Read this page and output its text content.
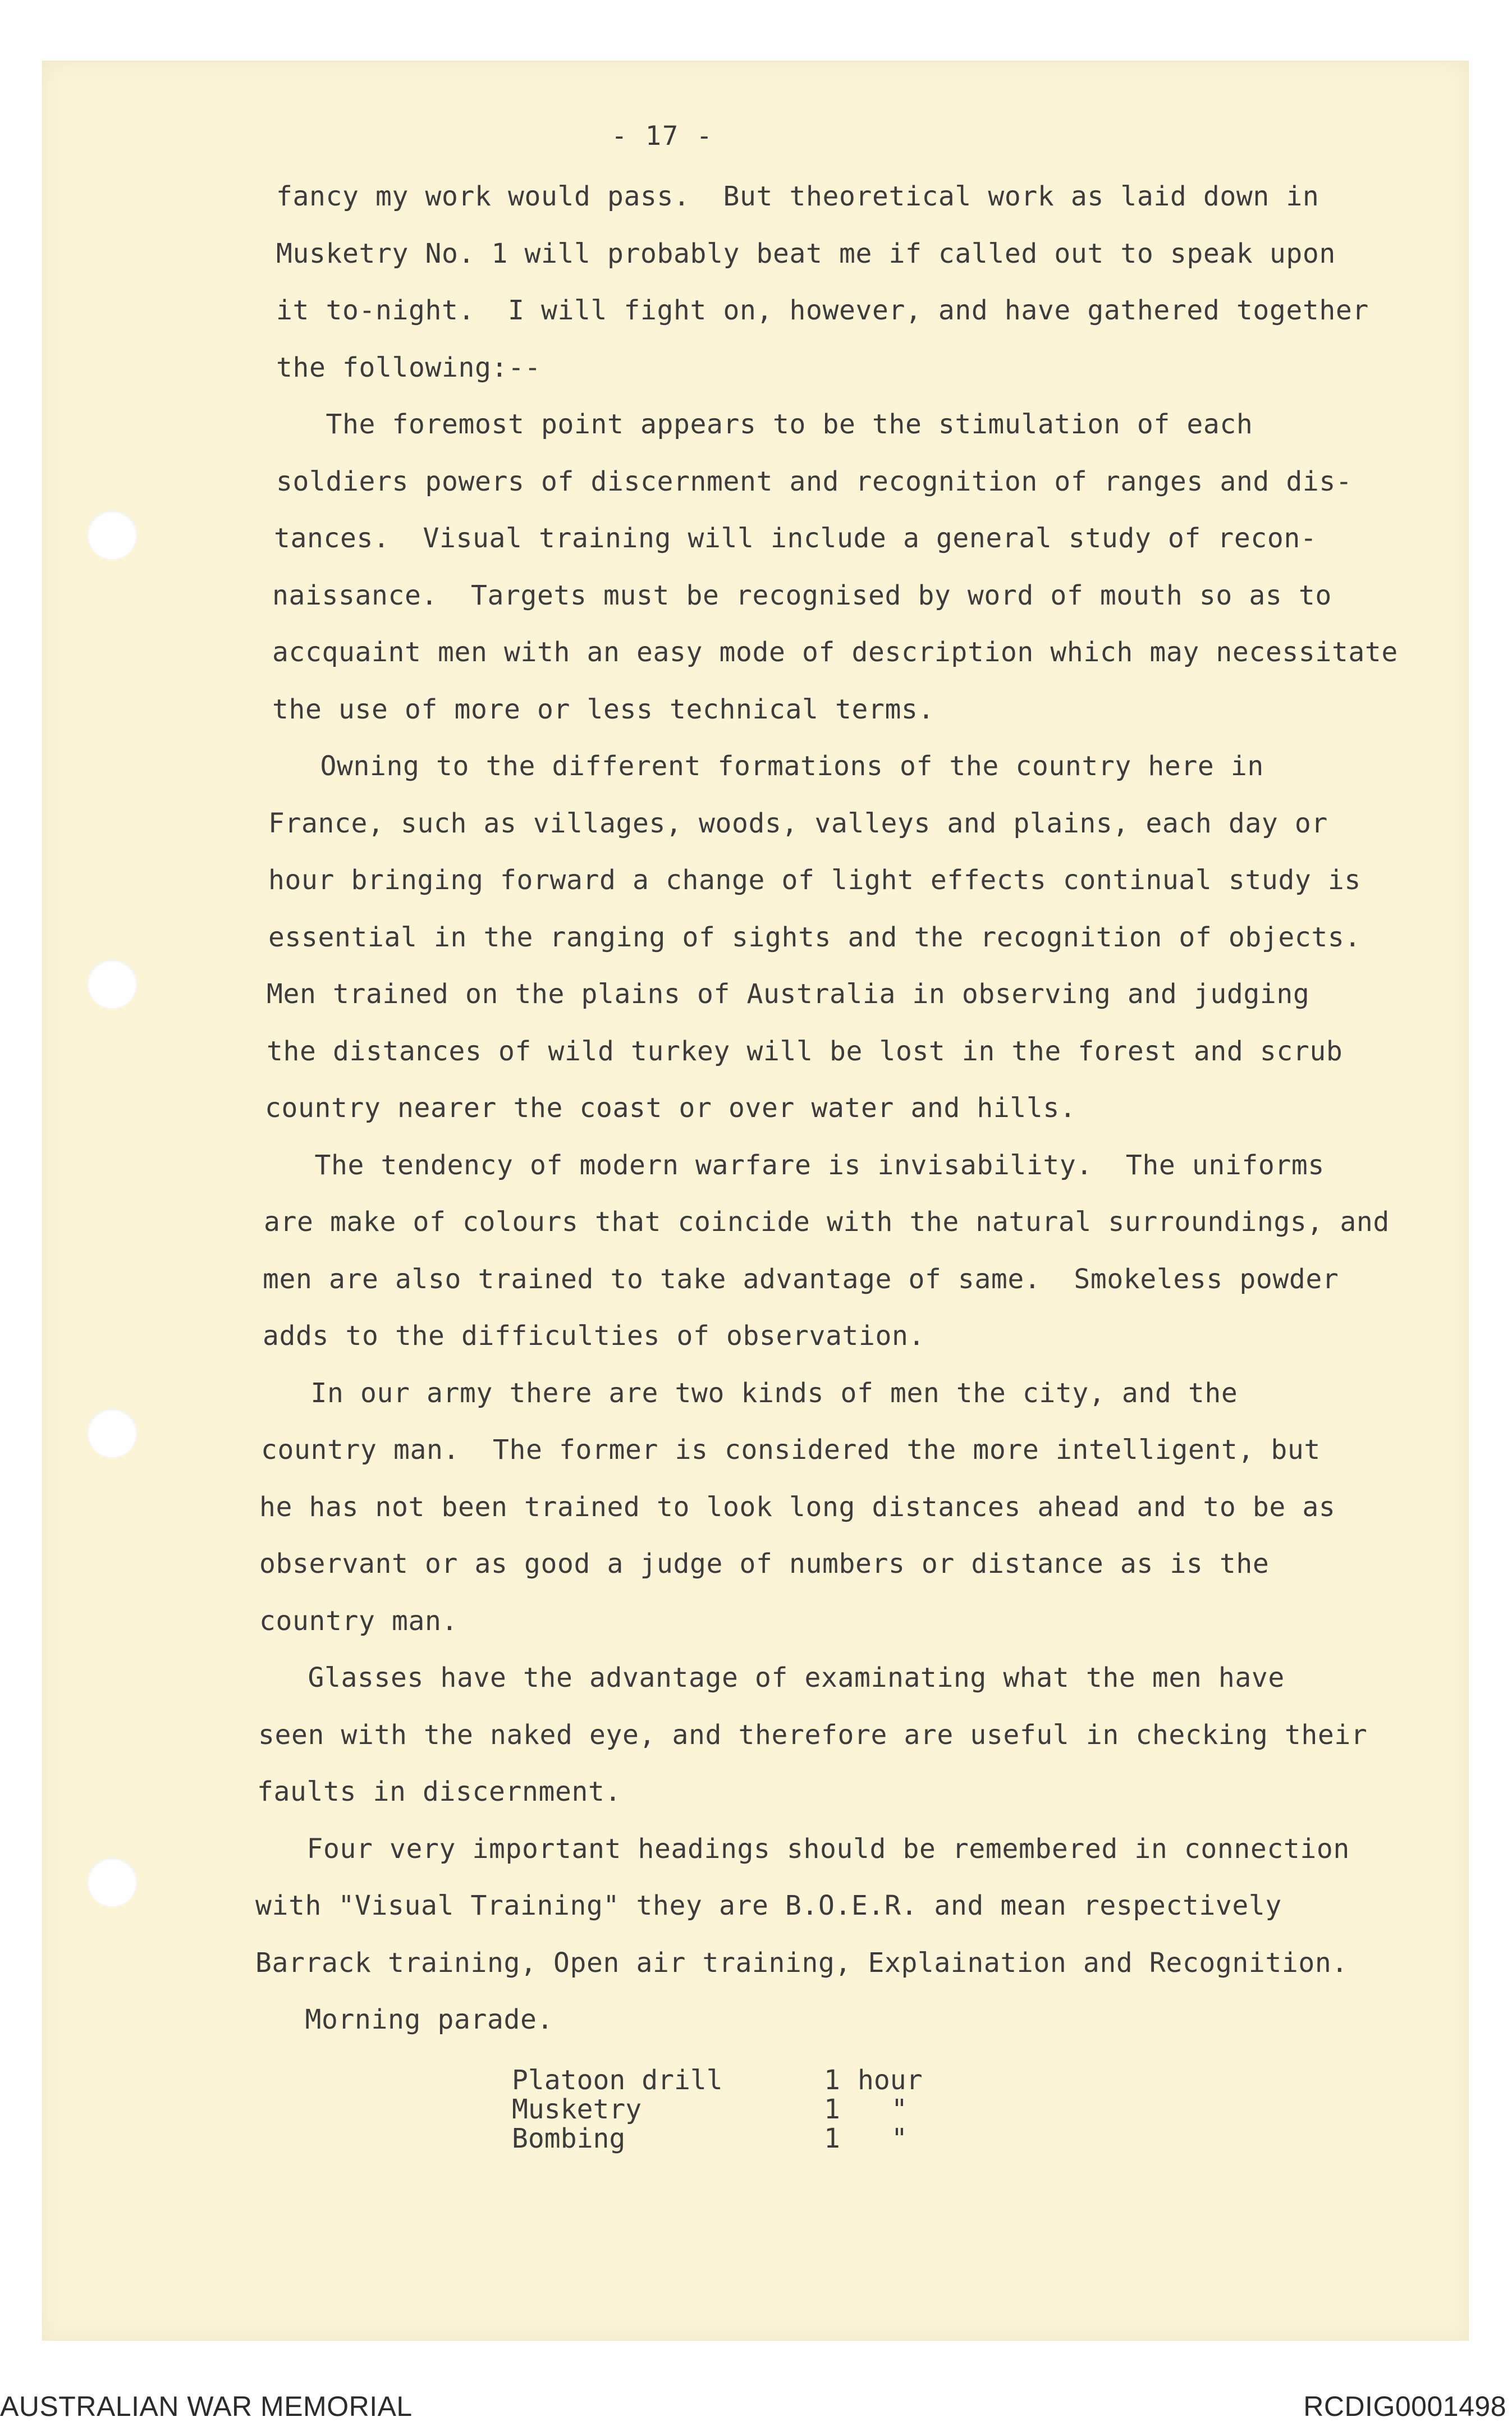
- 17 -
fancy my work would pass.  But theoretical work as laid down in
Musketry No. 1 will probably beat me if called out to speak upon
it to-night.  I will fight on, however, and have gathered together
the following:--
The foremost point appears to be the stimulation of each
soldiers powers of discernment and recognition of ranges and dis-
tances.  Visual training will include a general study of recon-
naissance.  Targets must be recognised by word of mouth so as to
accquaint men with an easy mode of description which may necessitate
the use of more or less technical terms.
Owning to the different formations of the country here in
France, such as villages, woods, valleys and plains, each day or
hour bringing forward a change of light effects continual study is
essential in the ranging of sights and the recognition of objects.
Men trained on the plains of Australia in observing and judging
the distances of wild turkey will be lost in the forest and scrub
country nearer the coast or over water and hills.
The tendency of modern warfare is invisability.  The uniforms
are make of colours that coincide with the natural surroundings, and
men are also trained to take advantage of same.  Smokeless powder
adds to the difficulties of observation.
In our army there are two kinds of men the city, and the
country man.  The former is considered the more intelligent, but
he has not been trained to look long distances ahead and to be as
observant or as good a judge of numbers or distance as is the
country man.
Glasses have the advantage of examinating what the men have
seen with the naked eye, and therefore are useful in checking their
faults in discernment.
Four very important headings should be remembered in connection
with "Visual Training" they are B.O.E.R. and mean respectively
Barrack training, Open air training, Explaination and Recognition.
Morning parade.
Platoon drill	1 hour
Musketry	1 "
Bombing	1 "
AUSTRALIAN WAR MEMORIAL	RCDIG0001498
